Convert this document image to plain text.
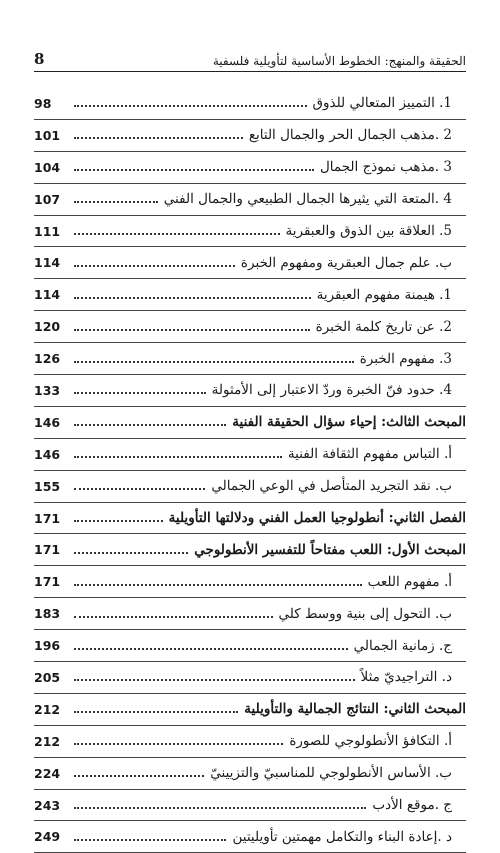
8	الحقيقة والمنهج: الخطوط الأساسية لتأويلية فلسفية
98	1. التمييز المتعالي للذوق
101	2 .مذهب الجمال الحر والجمال التابع
104	3 .مذهب نموذج الجمال
107	4 .المتعة التي يثيرها الجمال الطبيعي والجمال الفني
111	5. العلاقة بين الذوق والعبقرية
114	ب. علم جمال العبقرية ومفهوم الخبرة
114	1. هيمنة مفهوم العبقرية
120	2. عن تاريخ كلمة الخبرة
126	3. مفهوم الخبرة
133	4. حدود فنّ الخبرة وردّ الاعتبار إلى الأمثولة
146	المبحث الثالث: إحياء سؤال الحقيقة الفنية
146	أ. التباس مفهوم الثقافة الفنية
155	ب. نقد التجريد المتأصل في الوعي الجمالي
171	الفصل الثاني: أنطولوجيا العمل الفني ودلالتها التأويلية
171	المبحث الأول: اللعب مفتاحاً للتفسير الأنطولوجي
171	أ. مفهوم اللعب
183	ب. التحول إلى بنية ووسط كلي
196	ج. زمانية الجمالي
205	د. التراجيديّ مثلاً
212	المبحث الثاني: النتائج الجمالية والتأويلية
212	أ. التكافؤ الأنطولوجي للصورة
224	ب. الأساس الأنطولوجي للمناسبيّ والتزيينيّ
243	ج .موقع الأدب
249	د .إعادة البناء والتكامل مهمتين تأويليتين
